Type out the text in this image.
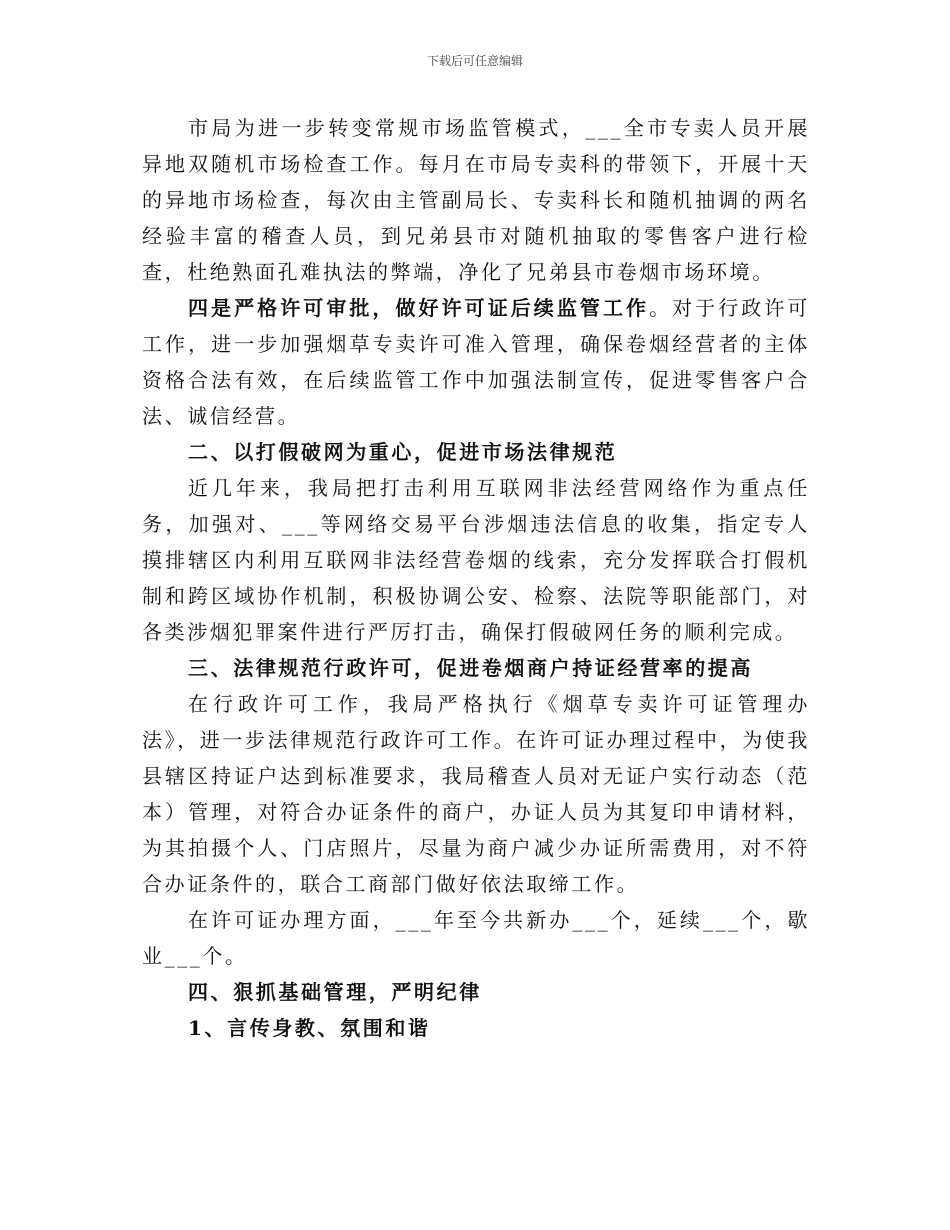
下载后可任意编辑

市局为进一步转变常规市场监管模式，___全市专卖人员开展异地双随机市场检查工作。每月在市局专卖科的带领下，开展十天的异地市场检查，每次由主管副局长、专卖科长和随机抽调的两名经验丰富的稽查人员，到兄弟县市对随机抽取的零售客户进行检查，杜绝熟面孔难执法的弊端，净化了兄弟县市卷烟市场环境。

四是严格许可审批，做好许可证后续监管工作。对于行政许可工作，进一步加强烟草专卖许可准入管理，确保卷烟经营者的主体资格合法有效，在后续监管工作中加强法制宣传，促进零售客户合法、诚信经营。

二、以打假破网为重心，促进市场法律规范

近几年来，我局把打击利用互联网非法经营网络作为重点任务，加强对、___等网络交易平台涉烟违法信息的收集，指定专人摸排辖区内利用互联网非法经营卷烟的线索，充分发挥联合打假机制和跨区域协作机制，积极协调公安、检察、法院等职能部门，对各类涉烟犯罪案件进行严厉打击，确保打假破网任务的顺利完成。

三、法律规范行政许可，促进卷烟商户持证经营率的提高

在行政许可工作，我局严格执行《烟草专卖许可证管理办法》，进一步法律规范行政许可工作。在许可证办理过程中，为使我县辖区持证户达到标准要求，我局稽查人员对无证户实行动态（范本）管理，对符合办证条件的商户，办证人员为其复印申请材料，为其拍摄个人、门店照片，尽量为商户减少办证所需费用，对不符合办证条件的，联合工商部门做好依法取缔工作。

在许可证办理方面，___年至今共新办___个，延续___个，歇业___个。

四、狠抓基础管理，严明纪律

1、言传身教、氛围和谐
